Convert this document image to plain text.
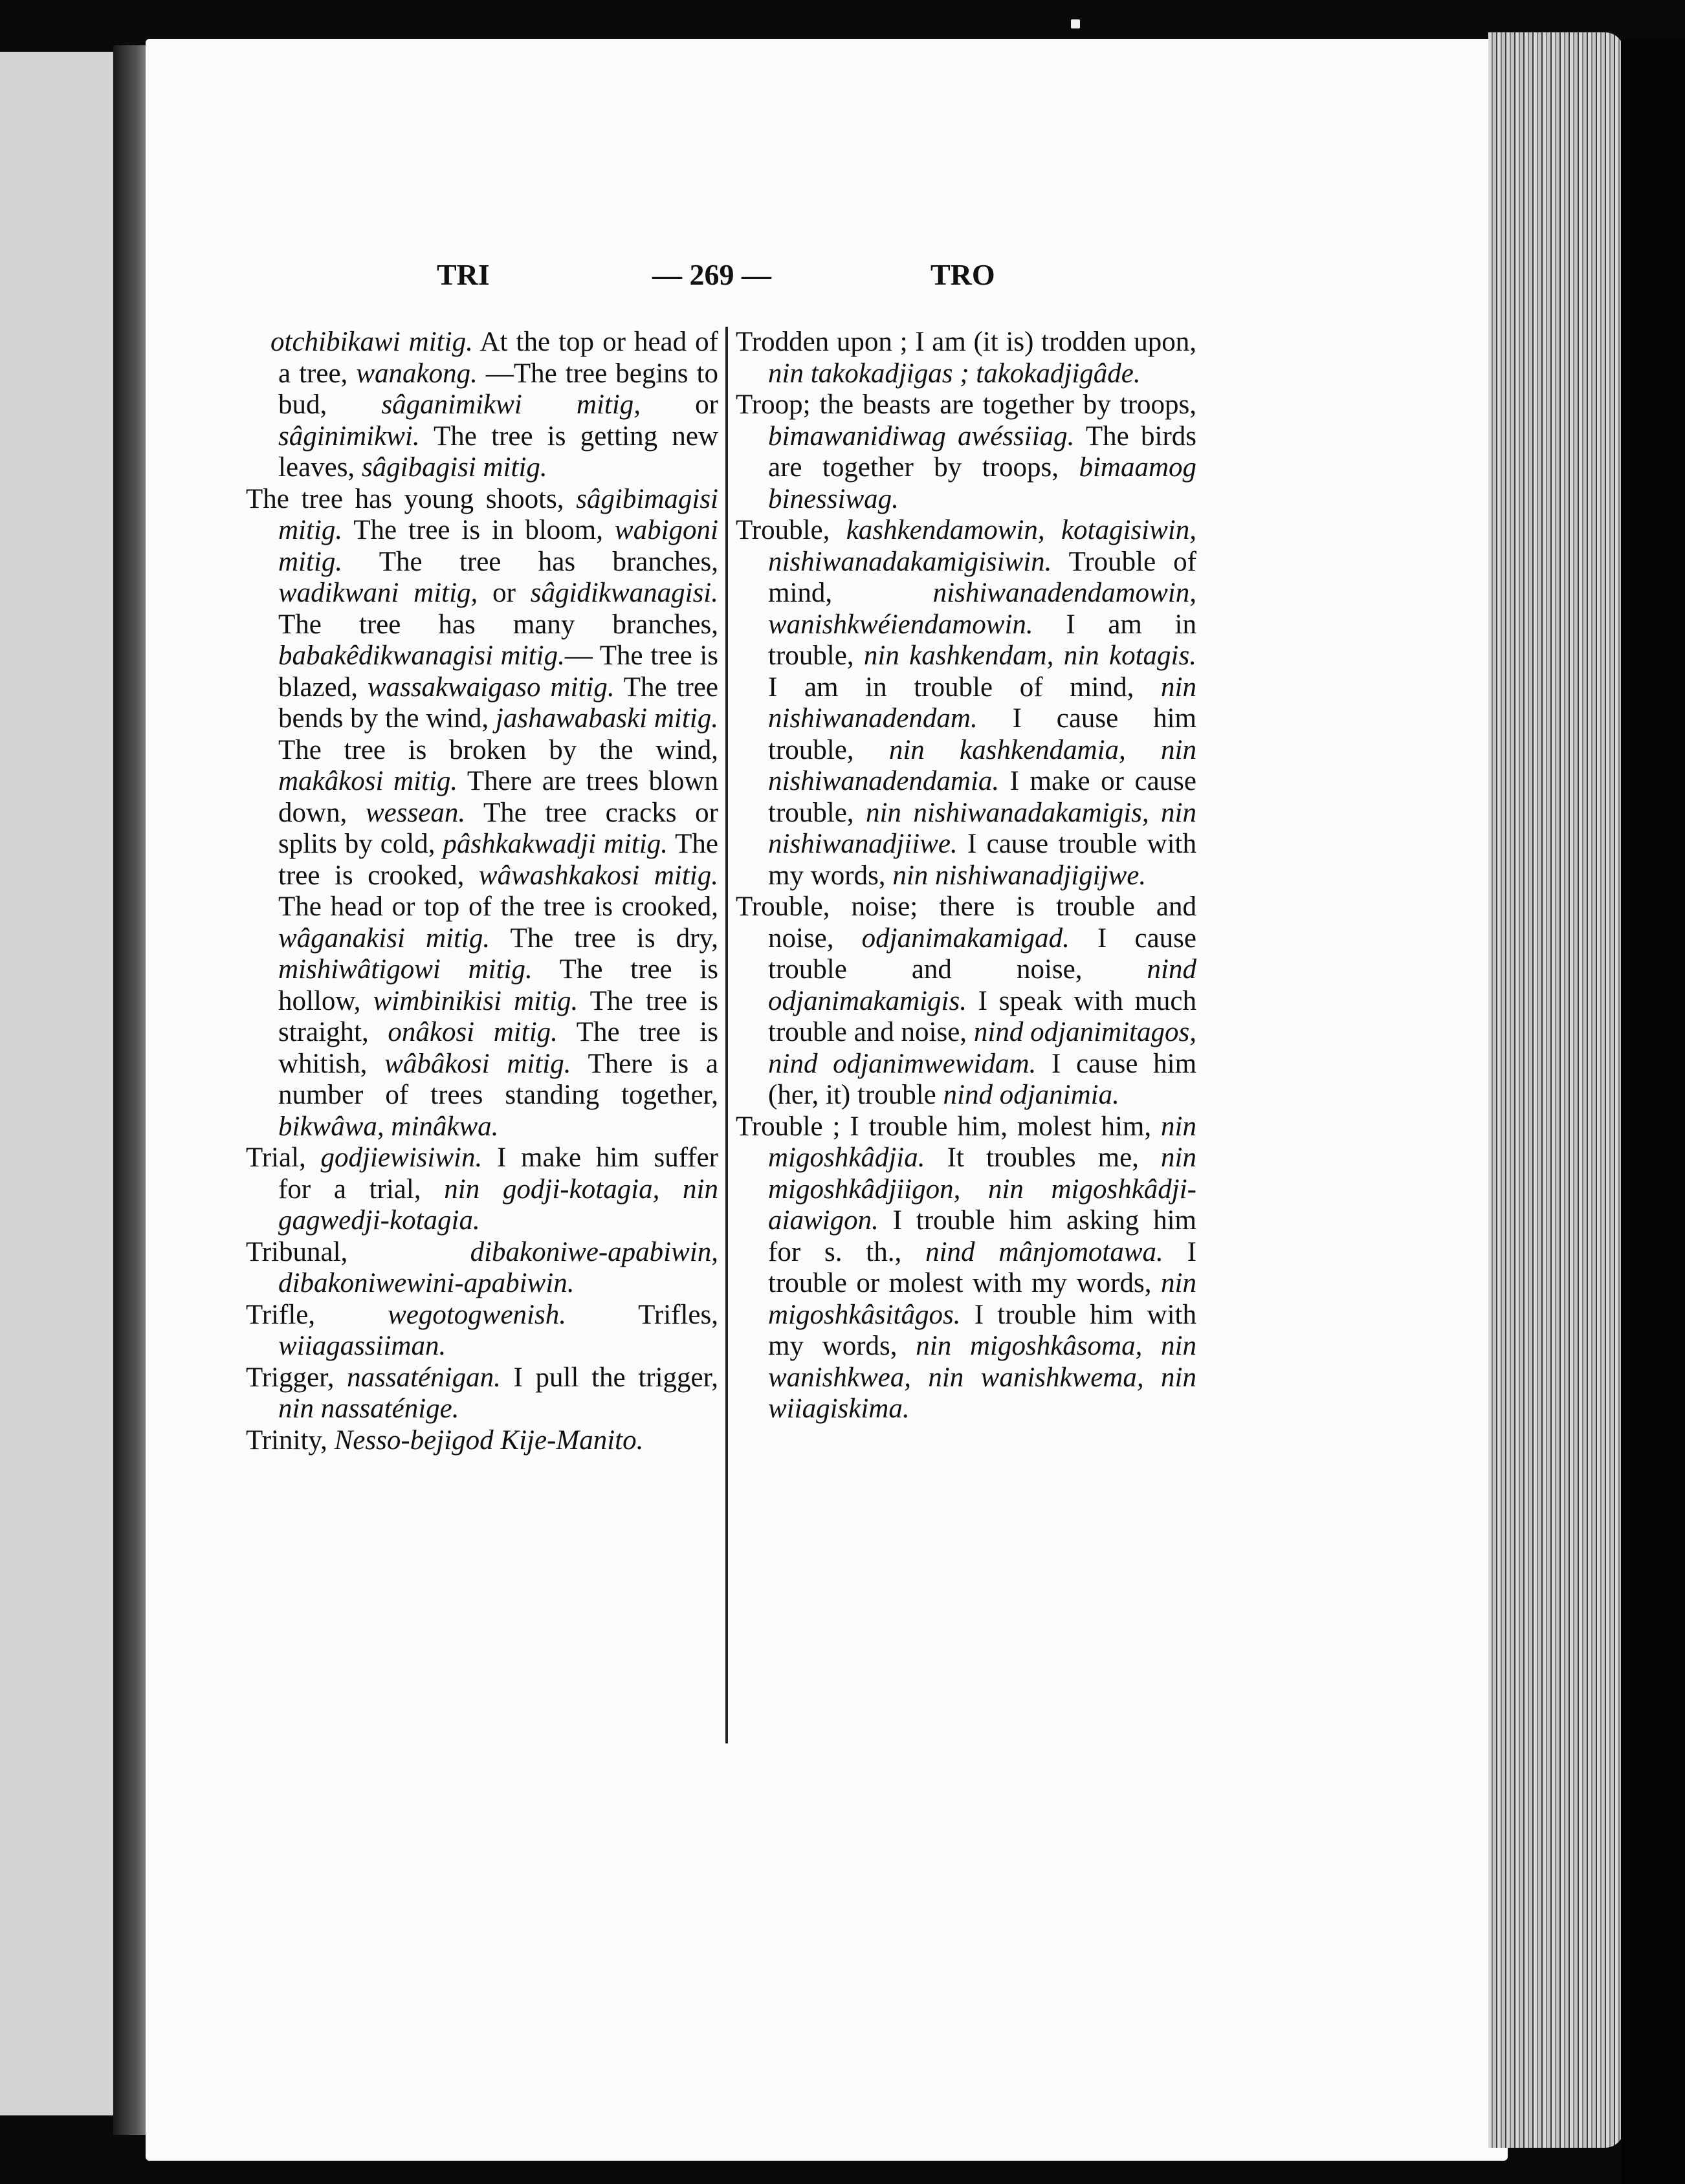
TRI	— 269 —	TRO

otchibikawi mitig. At the top or head of a tree, wanakong. —The tree begins to bud, sâganimikwi mitig, or sâginimikwi. The tree is getting new leaves, sâgibagisi mitig.

The tree has young shoots, sâgibimagisi mitig. The tree is in bloom, wabigoni mitig. The tree has branches, wadikwani mitig, or sâgidikwanagisi. The tree has many branches, babakêdikwanagisi mitig.— The tree is blazed, wassakwaigaso mitig. The tree bends by the wind, jashawabaski mitig. The tree is broken by the wind, makâkosi mitig. There are trees blown down, wessean. The tree cracks or splits by cold, pâshkakwadji mitig. The tree is crooked, wâwashkakosi mitig. The head or top of the tree is crooked, wâganakisi mitig. The tree is dry, mishiwâtigowi mitig. The tree is hollow, wimbinikisi mitig. The tree is straight, onâkosi mitig. The tree is whitish, wâbâkosi mitig. There is a number of trees standing together, bikwâwa, minâkwa.

Trial, godjiewisiwin. I make him suffer for a trial, nin godji-kotagia, nin gagwedji-kotagia.

Tribunal, dibakoniwe-apabiwin, dibakoniwewini-apabiwin.

Trifle, wegotogwenish. Trifles, wiiagassiiman.

Trigger, nassaténigan. I pull the trigger, nin nassaténige.

Trinity, Nesso-bejigod Kije-Manito.

Trodden upon ; I am (it is) trodden upon, nin takokadjigas ; takokadjigâde.

Troop; the beasts are together by troops, bimawanidiwag awéssiiag. The birds are together by troops, bimaamog binessiwag.

Trouble, kashkendamowin, kotagisiwin, nishiwanadakamigisiwin. Trouble of mind, nishiwanadendamowin, wanishkwéiendamowin. I am in trouble, nin kashkendam, nin kotagis. I am in trouble of mind, nin nishiwanadendam. I cause him trouble, nin kashkendamia, nin nishiwanadendamia. I make or cause trouble, nin nishiwanadakamigis, nin nishiwanadjiiwe. I cause trouble with my words, nin nishiwanadjigijwe.

Trouble, noise; there is trouble and noise, odjanimakamigad. I cause trouble and noise, nind odjanimakamigis. I speak with much trouble and noise, nind odjanimitagos, nind odjanimwewidam. I cause him (her, it) trouble nind odjanimia.

Trouble ; I trouble him, molest him, nin migoshkâdjia. It troubles me, nin migoshkâdjiigon, nin migoshkâdji-aiawigon. I trouble him asking him for s. th., nind mânjomotawa. I trouble or molest with my words, nin migoshkâsitâgos. I trouble him with my words, nin migoshkâsoma, nin wanishkwea, nin wanishkwema, nin wiiagiskima.
